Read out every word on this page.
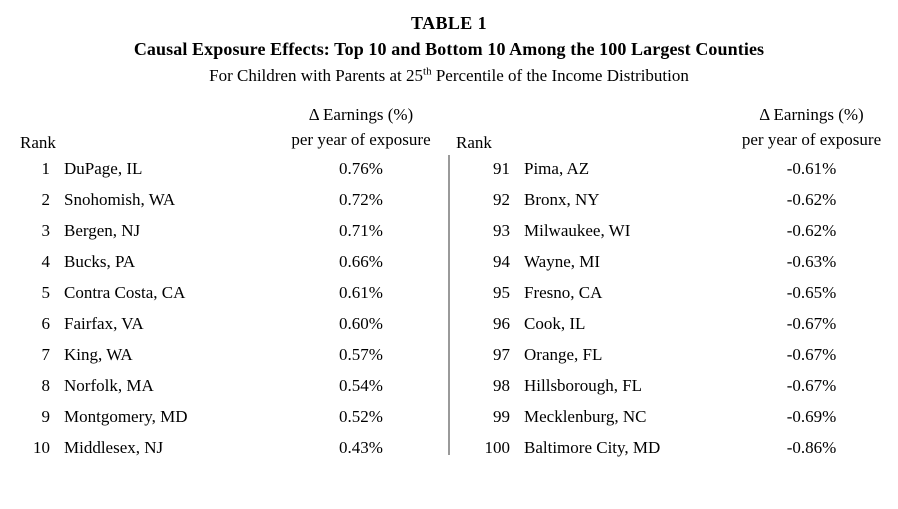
TABLE 1
Causal Exposure Effects: Top 10 and Bottom 10 Among the 100 Largest Counties
For Children with Parents at 25th Percentile of the Income Distribution
Rank		Δ Earnings (%)
per year of exposure

1	DuPage, IL	0.76%
2	Snohomish, WA	0.72%
3	Bergen, NJ	0.71%
4	Bucks, PA	0.66%
5	Contra Costa, CA	0.61%
6	Fairfax, VA	0.60%
7	King, WA	0.57%
8	Norfolk, MA	0.54%
9	Montgomery, MD	0.52%
10	Middlesex, NJ	0.43%
Rank		Δ Earnings (%)
per year of exposure

91	Pima, AZ	-0.61%
92	Bronx, NY	-0.62%
93	Milwaukee, WI	-0.62%
94	Wayne, MI	-0.63%
95	Fresno, CA	-0.65%
96	Cook, IL	-0.67%
97	Orange, FL	-0.67%
98	Hillsborough, FL	-0.67%
99	Mecklenburg, NC	-0.69%
100	Baltimore City, MD	-0.86%
